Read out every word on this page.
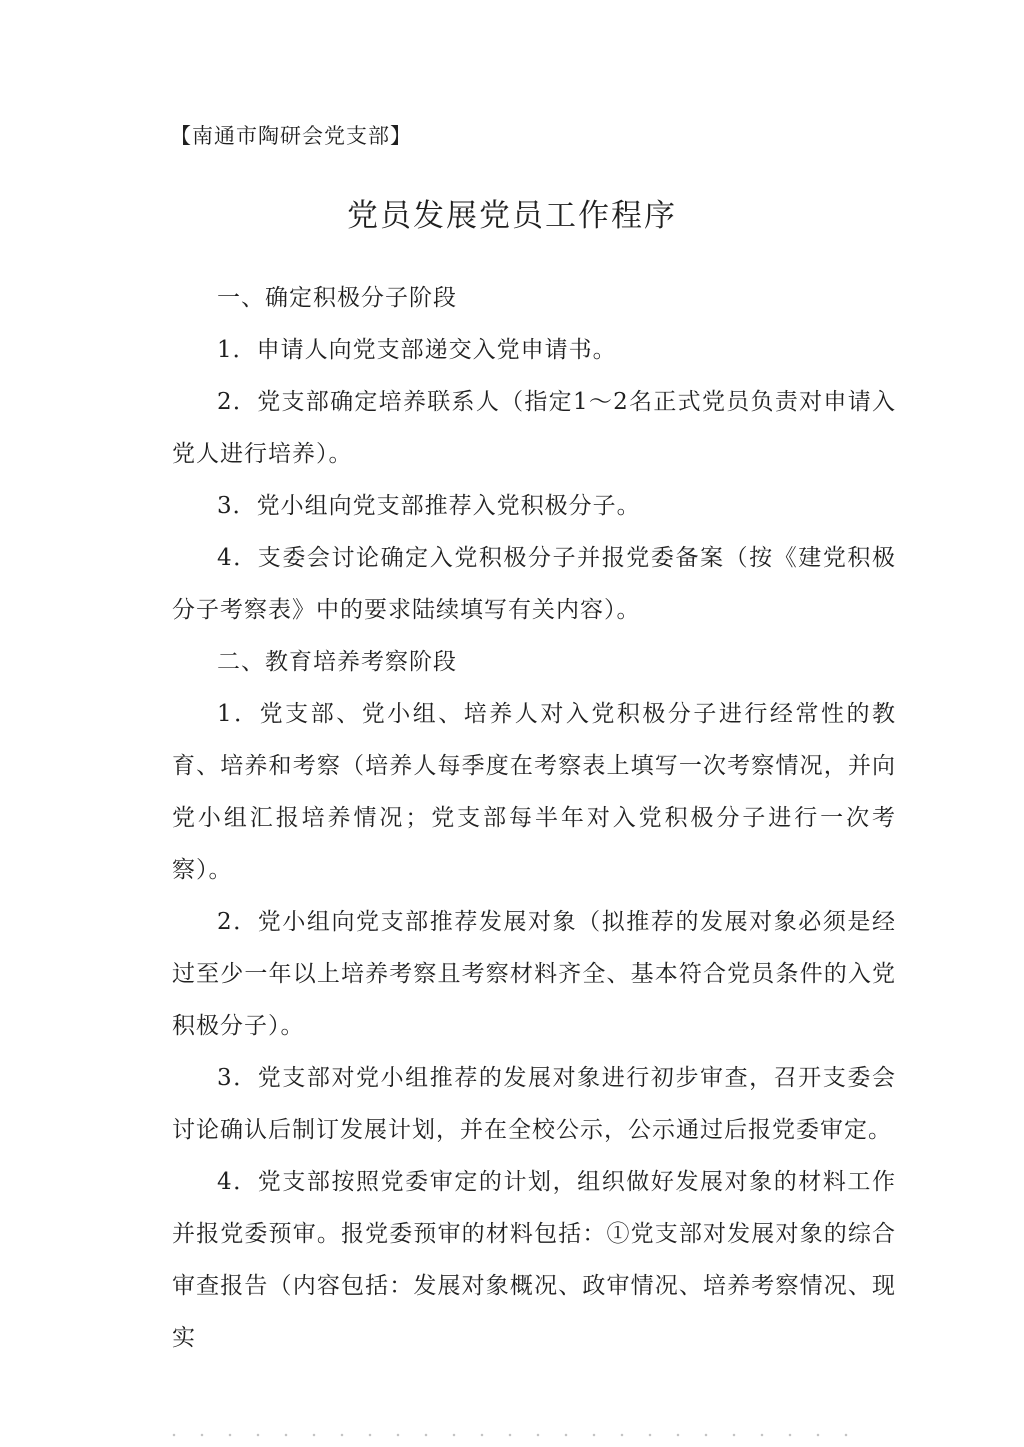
【南通市陶研会党支部】
党员发展党员工作程序

一、确定积极分子阶段

1．申请人向党支部递交入党申请书。

2．党支部确定培养联系人（指定1～2名正式党员负责对申请入党人进行培养）。

3．党小组向党支部推荐入党积极分子。

4．支委会讨论确定入党积极分子并报党委备案（按《建党积极分子考察表》中的要求陆续填写有关内容）。

二、教育培养考察阶段

1．党支部、党小组、培养人对入党积极分子进行经常性的教育、培养和考察（培养人每季度在考察表上填写一次考察情况，并向党小组汇报培养情况；党支部每半年对入党积极分子进行一次考察）。

2．党小组向党支部推荐发展对象（拟推荐的发展对象必须是经过至少一年以上培养考察且考察材料齐全、基本符合党员条件的入党积极分子）。

3．党支部对党小组推荐的发展对象进行初步审查，召开支委会讨论确认后制订发展计划，并在全校公示，公示通过后报党委审定。

4．党支部按照党委审定的计划，组织做好发展对象的材料工作并报党委预审。报党委预审的材料包括：①党支部对发展对象的综合审查报告（内容包括：发展对象概况、政审情况、培养考察情况、现实
